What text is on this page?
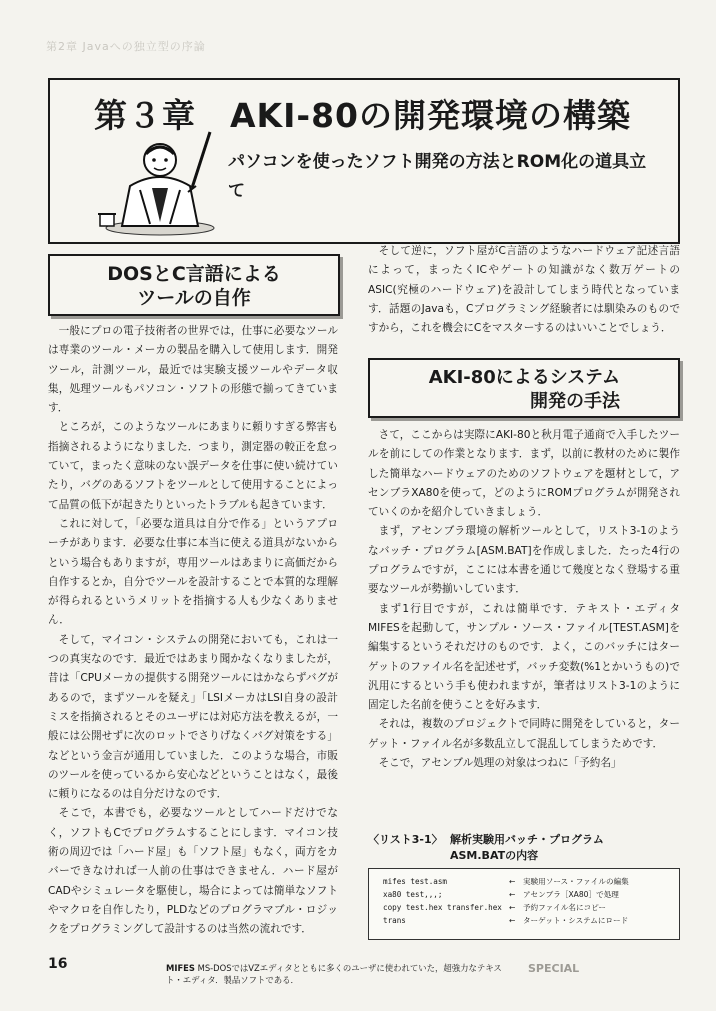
第2章 Javaへの独立型の序論
第３章　AKI-80の開発環境の構築
パソコンを使ったソフト開発の方法とROM化の道具立て
DOSとC言語による
ツールの自作

一般にプロの電子技術者の世界では，仕事に必要なツールは専業のツール・メーカの製品を購入して使用します．開発ツール，計測ツール，最近では実験支援ツールやデータ収集，処理ツールもパソコン・ソフトの形態で揃ってきています．

ところが，このようなツールにあまりに頼りすぎる弊害も指摘されるようになりました．つまり，測定器の較正を怠っていて，まったく意味のない誤データを仕事に使い続けていたり，バグのあるソフトをツールとして使用することによって品質の低下が起きたりといったトラブルも起きています．

これに対して，「必要な道具は自分で作る」というアプローチがあります．必要な仕事に本当に使える道具がないからという場合もありますが，専用ツールはあまりに高価だから自作するとか，自分でツールを設計することで本質的な理解が得られるというメリットを指摘する人も少なくありません．

そして，マイコン・システムの開発においても，これは一つの真実なのです．最近ではあまり聞かなくなりましたが，昔は「CPUメーカの提供する開発ツールにはかならずバグがあるので，まずツールを疑え」「LSIメーカはLSI自身の設計ミスを指摘されるとそのユーザには対応方法を教えるが，一般には公開せずに次のロットでさりげなくバグ対策をする」などという金言が通用していました．このような場合，市販のツールを使っているから安心などということはなく，最後に頼りになるのは自分だけなのです．

そこで，本書でも，必要なツールとしてハードだけでなく，ソフトもCでプログラムすることにします．マイコン技術の周辺では「ハード屋」も「ソフト屋」もなく，両方をカバーできなければ一人前の仕事はできません．ハード屋がCADやシミュレータを駆使し，場合によっては簡単なソフトやマクロを自作したり，PLDなどのプログラマブル・ロジックをプログラミングして設計するのは当然の流れです．

そして逆に，ソフト屋がC言語のようなハードウェア記述言語によって，まったくICやゲートの知識がなく数万ゲートのASIC(究極のハードウェア)を設計してしまう時代となっています．話題のJavaも，Cプログラミング経験者には馴染みのものですから，これを機会にCをマスターするのはいいことでしょう．

AKI-80によるシステム
開発の手法

さて，ここからは実際にAKI-80と秋月電子通商で入手したツールを前にしての作業となります．まず，以前に教材のために製作した簡単なハードウェアのためのソフトウェアを題材として，アセンブラXA80を使って，どのようにROMプログラムが開発されていくのかを紹介していきましょう．

まず，アセンブラ環境の解析ツールとして，リスト3-1のようなバッチ・プログラム[ASM.BAT]を作成しました．たった4行のプログラムですが，ここには本書を通じて幾度となく登場する重要なツールが勢揃いしています．

まず1行目ですが，これは簡単です．テキスト・エディタMIFESを起動して，サンプル・ソース・ファイル[TEST.ASM]を編集するというそれだけのものです．よく，このバッチにはターゲットのファイル名を記述せず，バッチ変数(%1とかいうもの)で汎用にするという手も使われますが，筆者はリスト3-1のように固定した名前を使うことを好みます．

それは，複数のプロジェクトで同時に開発をしていると，ターゲット・ファイル名が多数乱立して混乱してしまうためです．

そこで，アセンブル処理の対象はつねに「予約名」

〈リスト3-1〉 解析実験用バッチ・プログラム
ASM.BATの内容
mifes test.asm
xa80 test,,,;
copy test.hex transfer.hex
trans
←　実験用ソース・ファイルの編集
←　アセンブラ［XA80］で処理
←　予約ファイル名にコピー
←　ターゲット・システムにロード
16	MIFES MS-DOSではVZエディタとともに多くのユーザに使われていた，超強力なテキスト・エディタ．製品ソフトである．
SPECIAL
